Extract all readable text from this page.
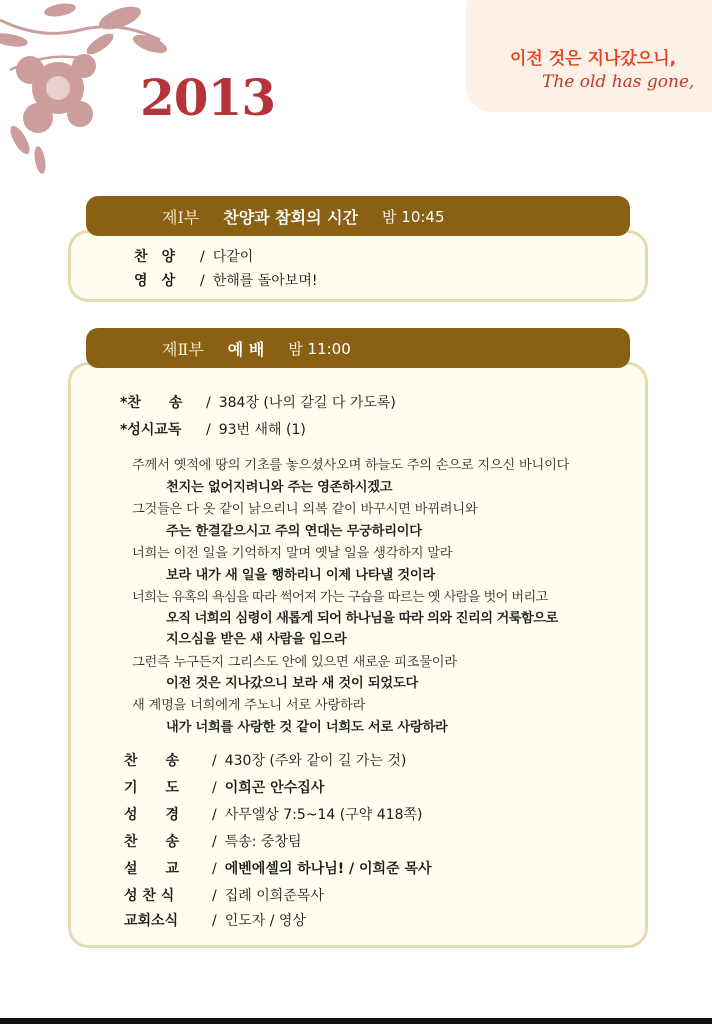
2013
이전 것은 지나갔으니,
The old has gone,
제Ⅰ부 찬양과 참회의 시간 밤 10:45
찬　양 / 다같이
영　상 / 한해를 돌아보며!
제Ⅱ부 예 배 밤 11:00
*찬　　송 / 384장 (나의 갈길 다 가도록)
*성시교독 / 93번 새해 (1)
주께서 옛적에 땅의 기초를 놓으셨사오며 하늘도 주의 손으로 지으신 바니이다
천지는 없어지려니와 주는 영존하시겠고
그것들은 다 옷 같이 낡으리니 의복 같이 바꾸시면 바뀌려니와
주는 한결같으시고 주의 연대는 무궁하리이다
너희는 이전 일을 기억하지 말며 옛날 일을 생각하지 말라
보라 내가 새 일을 행하리니 이제 나타낼 것이라
너희는 유혹의 욕심을 따라 썩어져 가는 구습을 따르는 옛 사람을 벗어 버리고
오직 너희의 심령이 새롭게 되어 하나님을 따라 의와 진리의 거룩함으로
지으심을 받은 새 사람을 입으라
그런즉 누구든지 그리스도 안에 있으면 새로운 피조물이라
이전 것은 지나갔으니 보라 새 것이 되었도다
새 계명을 너희에게 주노니 서로 사랑하라
내가 너희를 사랑한 것 같이 너희도 서로 사랑하라
찬　　송 / 430장 (주와 같이 길 가는 것)
기　　도 / 이희곤 안수집사
성　　경 / 사무엘상 7:5~14 (구약 418쪽)
찬　　송 / 특송: 중창팀
설　　교 / 에벤에셀의 하나님! / 이희준 목사
성 찬 식	/ 집례 이희준목사
교회소식 / 인도자 / 영상
